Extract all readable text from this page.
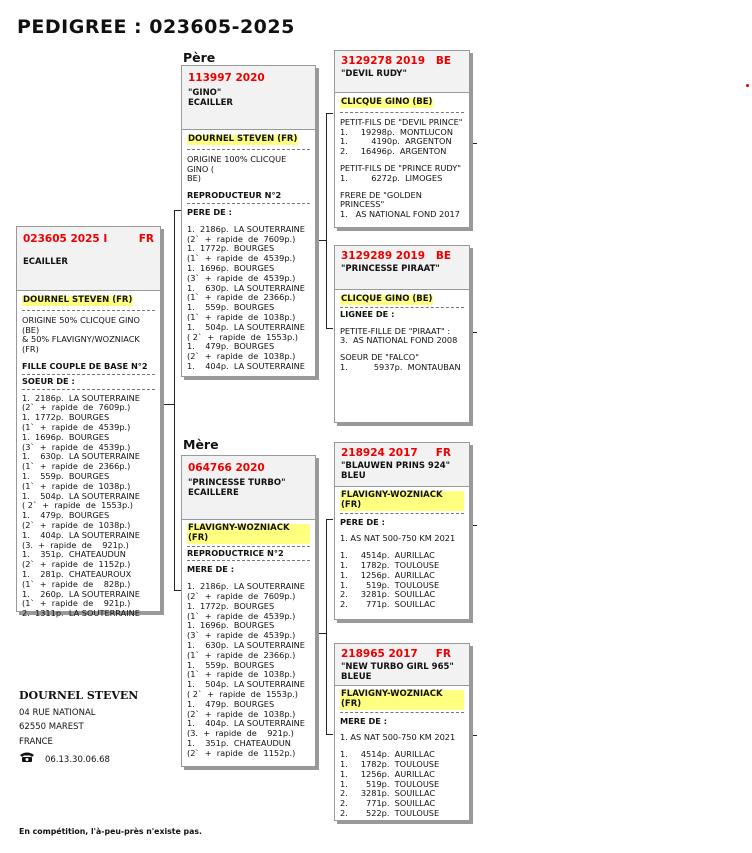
PEDIGREE : 023605-2025
Père
Mère
023605 2025 I	FR
ECAILLER
DOURNEL STEVEN (FR)
ORIGINE 50% CLICQUE GINO (BE)
& 50% FLAVIGNY/WOZNIACK (FR)
FILLE COUPLE DE BASE N°2
SOEUR DE :
1.  2186p.  LA SOUTERRAINE
(2`  +  rapide  de  7609p.)
1.  1772p.  BOURGES
(1`  +  rapide  de  4539p.)
1.  1696p.  BOURGES
(3`  +  rapide  de  4539p.)
1.    630p.  LA SOUTERRAINE
(1`  +  rapide  de  2366p.)
1.    559p.  BOURGES
(1`  +  rapide  de  1038p.)
1.    504p.  LA SOUTERRAINE
( 2`  +  rapide  de  1553p.)
1.    479p.  BOURGES
(2`  +  rapide  de  1038p.)
1.    404p.  LA SOUTERRAINE
(3.  +  rapide  de    921p.)
1.    351p.  CHATEAUDUN
(2`  +  rapide  de  1152p.)
1.    281p.  CHATEAUROUX
(1`  +  rapide  de    828p.)
1.    260p.  LA SOUTERRAINE
(1`  +  rapide  de    921p.)
2.  1311p.  LA SOUTERRAINE
113997 2020
"GINO"
ECAILLER
DOURNEL STEVEN (FR)
ORIGINE 100% CLICQUE GINO (
BE)
REPRODUCTEUR N°2
PERE DE :
1.  2186p.  LA SOUTERRAINE
(2`  +  rapide  de  7609p.)
1.  1772p.  BOURGES
(1`  +  rapide  de  4539p.)
1.  1696p.  BOURGES
(3`  +  rapide  de  4539p.)
1.    630p.  LA SOUTERRAINE
(1`  +  rapide  de  2366p.)
1.    559p.  BOURGES
(1`  +  rapide  de  1038p.)
1.    504p.  LA SOUTERRAINE
( 2`  +  rapide  de  1553p.)
1.    479p.  BOURGES
(2`  +  rapide  de  1038p.)
1.    404p.  LA SOUTERRAINE
064766 2020
"PRINCESSE TURBO"
ECAILLERE
FLAVIGNY-WOZNIACK (FR)
REPRODUCTRICE N°2
MERE DE :
1.  2186p.  LA SOUTERRAINE
(2`  +  rapide  de  7609p.)
1.  1772p.  BOURGES
(1`  +  rapide  de  4539p.)
1.  1696p.  BOURGES
(3`  +  rapide  de  4539p.)
1.    630p.  LA SOUTERRAINE
(1`  +  rapide  de  2366p.)
1.    559p.  BOURGES
(1`  +  rapide  de  1038p.)
1.    504p.  LA SOUTERRAINE
( 2`  +  rapide  de  1553p.)
1.    479p.  BOURGES
(2`  +  rapide  de  1038p.)
1.    404p.  LA SOUTERRAINE
(3.  +  rapide  de    921p.)
1.    351p.  CHATEAUDUN
(2`  +  rapide  de  1152p.)
3129278 2019 BE
"DEVIL RUDY"
CLICQUE GINO (BE)
PETIT-FILS DE "DEVIL PRINCE"
1.     19298p.  MONTLUCON
1.         4190p.  ARGENTON
2.     16496p.  ARGENTON
PETIT-FILS DE "PRINCE RUDY"
1.         6272p.  LIMOGES
FRERE DE "GOLDEN PRINCESS"
1.   AS NATIONAL FOND 2017
3129289 2019 BE
"PRINCESSE PIRAAT"
CLICQUE GINO (BE)
LIGNEE DE :
PETITE-FILLE DE "PIRAAT" :
3.  AS NATIONAL FOND 2008
SOEUR DE "FALCO"
1.          5937p.  MONTAUBAN
218924 2017 FR
"BLAUWEN PRINS 924"
BLEU
FLAVIGNY-WOZNIACK (FR)
PERE DE :
1. AS NAT 500-750 KM 2021
1.     4514p.  AURILLAC
1.     1782p.  TOULOUSE
1.     1256p.  AURILLAC
1.       519p.  TOULOUSE
2.     3281p.  SOUILLAC
2.       771p.  SOUILLAC
218965 2017 FR
"NEW TURBO GIRL 965"
BLEUE
FLAVIGNY-WOZNIACK (FR)
MERE DE :
1. AS NAT 500-750 KM 2021
1.     4514p.  AURILLAC
1.     1782p.  TOULOUSE
1.     1256p.  AURILLAC
1.       519p.  TOULOUSE
2.     3281p.  SOUILLAC
2.       771p.  SOUILLAC
2.       522p.  TOULOUSE
DOURNEL STEVEN
04 RUE NATIONAL
62550 MAREST
FRANCE
06.13.30.06.68
En compétition, l'à-peu-près n'existe pas.
